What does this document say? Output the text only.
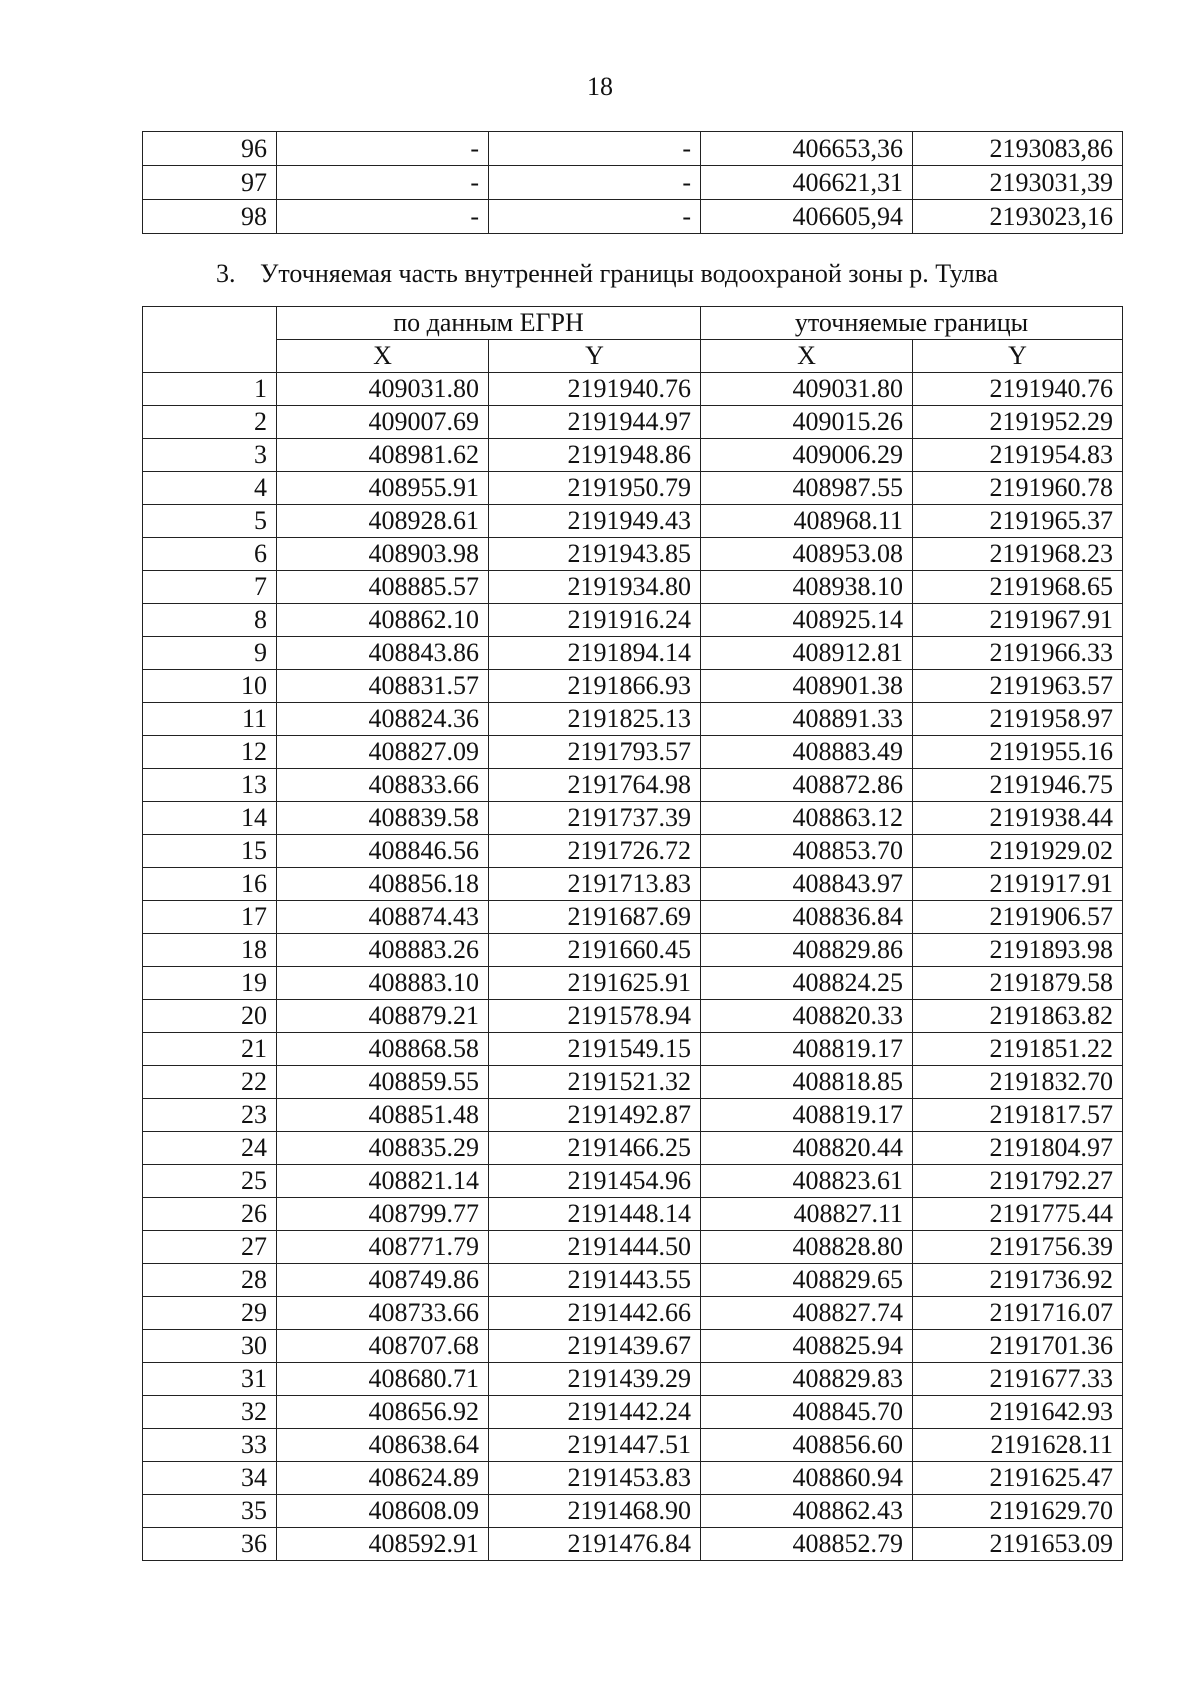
18
96	-	-	406653,36	2193083,86
97	-	-	406621,31	2193031,39
98	-	-	406605,94	2193023,16
3. Уточняемая часть внутренней границы водоохраной зоны р. Тулва
	по данным ЕГРН		уточняемые границы	
	X	Y	X	Y
1	409031.80	2191940.76	409031.80	2191940.76
2	409007.69	2191944.97	409015.26	2191952.29
3	408981.62	2191948.86	409006.29	2191954.83
4	408955.91	2191950.79	408987.55	2191960.78
5	408928.61	2191949.43	408968.11	2191965.37
6	408903.98	2191943.85	408953.08	2191968.23
7	408885.57	2191934.80	408938.10	2191968.65
8	408862.10	2191916.24	408925.14	2191967.91
9	408843.86	2191894.14	408912.81	2191966.33
10	408831.57	2191866.93	408901.38	2191963.57
11	408824.36	2191825.13	408891.33	2191958.97
12	408827.09	2191793.57	408883.49	2191955.16
13	408833.66	2191764.98	408872.86	2191946.75
14	408839.58	2191737.39	408863.12	2191938.44
15	408846.56	2191726.72	408853.70	2191929.02
16	408856.18	2191713.83	408843.97	2191917.91
17	408874.43	2191687.69	408836.84	2191906.57
18	408883.26	2191660.45	408829.86	2191893.98
19	408883.10	2191625.91	408824.25	2191879.58
20	408879.21	2191578.94	408820.33	2191863.82
21	408868.58	2191549.15	408819.17	2191851.22
22	408859.55	2191521.32	408818.85	2191832.70
23	408851.48	2191492.87	408819.17	2191817.57
24	408835.29	2191466.25	408820.44	2191804.97
25	408821.14	2191454.96	408823.61	2191792.27
26	408799.77	2191448.14	408827.11	2191775.44
27	408771.79	2191444.50	408828.80	2191756.39
28	408749.86	2191443.55	408829.65	2191736.92
29	408733.66	2191442.66	408827.74	2191716.07
30	408707.68	2191439.67	408825.94	2191701.36
31	408680.71	2191439.29	408829.83	2191677.33
32	408656.92	2191442.24	408845.70	2191642.93
33	408638.64	2191447.51	408856.60	2191628.11
34	408624.89	2191453.83	408860.94	2191625.47
35	408608.09	2191468.90	408862.43	2191629.70
36	408592.91	2191476.84	408852.79	2191653.09
